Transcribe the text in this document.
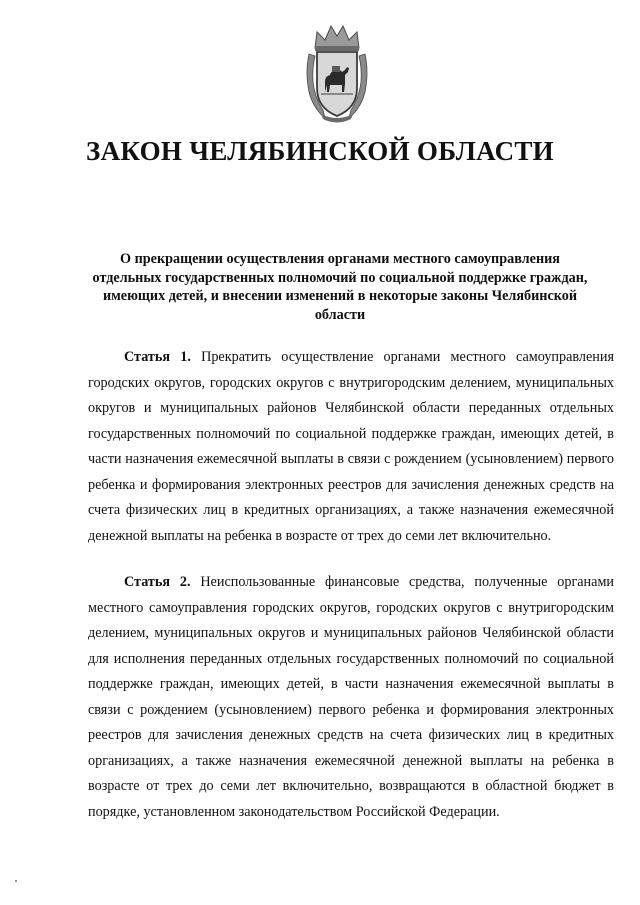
ЗАКОН ЧЕЛЯБИНСКОЙ ОБЛАСТИ

О прекращении осуществления органами местного самоуправления отдельных государственных полномочий по социальной поддержке граждан, имеющих детей, и внесении изменений в некоторые законы Челябинской области

Статья 1. Прекратить осуществление органами местного самоуправления городских округов, городских округов с внутригородским делением, муниципальных округов и муниципальных районов Челябинской области переданных отдельных государственных полномочий по социальной поддержке граждан, имеющих детей, в части назначения ежемесячной выплаты в связи с рождением (усыновлением) первого ребенка и формирования электронных реестров для зачисления денежных средств на счета физических лиц в кредитных организациях, а также назначения ежемесячной денежной выплаты на ребенка в возрасте от трех до семи лет включительно.

Статья 2. Неиспользованные финансовые средства, полученные органами местного самоуправления городских округов, городских округов с внутригородским делением, муниципальных округов и муниципальных районов Челябинской области для исполнения переданных отдельных государственных полномочий по социальной поддержке граждан, имеющих детей, в части назначения ежемесячной выплаты в связи с рождением (усыновлением) первого ребенка и формирования электронных реестров для зачисления денежных средств на счета физических лиц в кредитных организациях, а также назначения ежемесячной денежной выплаты на ребенка в возрасте от трех до семи лет включительно, возвращаются в областной бюджет в порядке, установленном законодательством Российской Федерации.
